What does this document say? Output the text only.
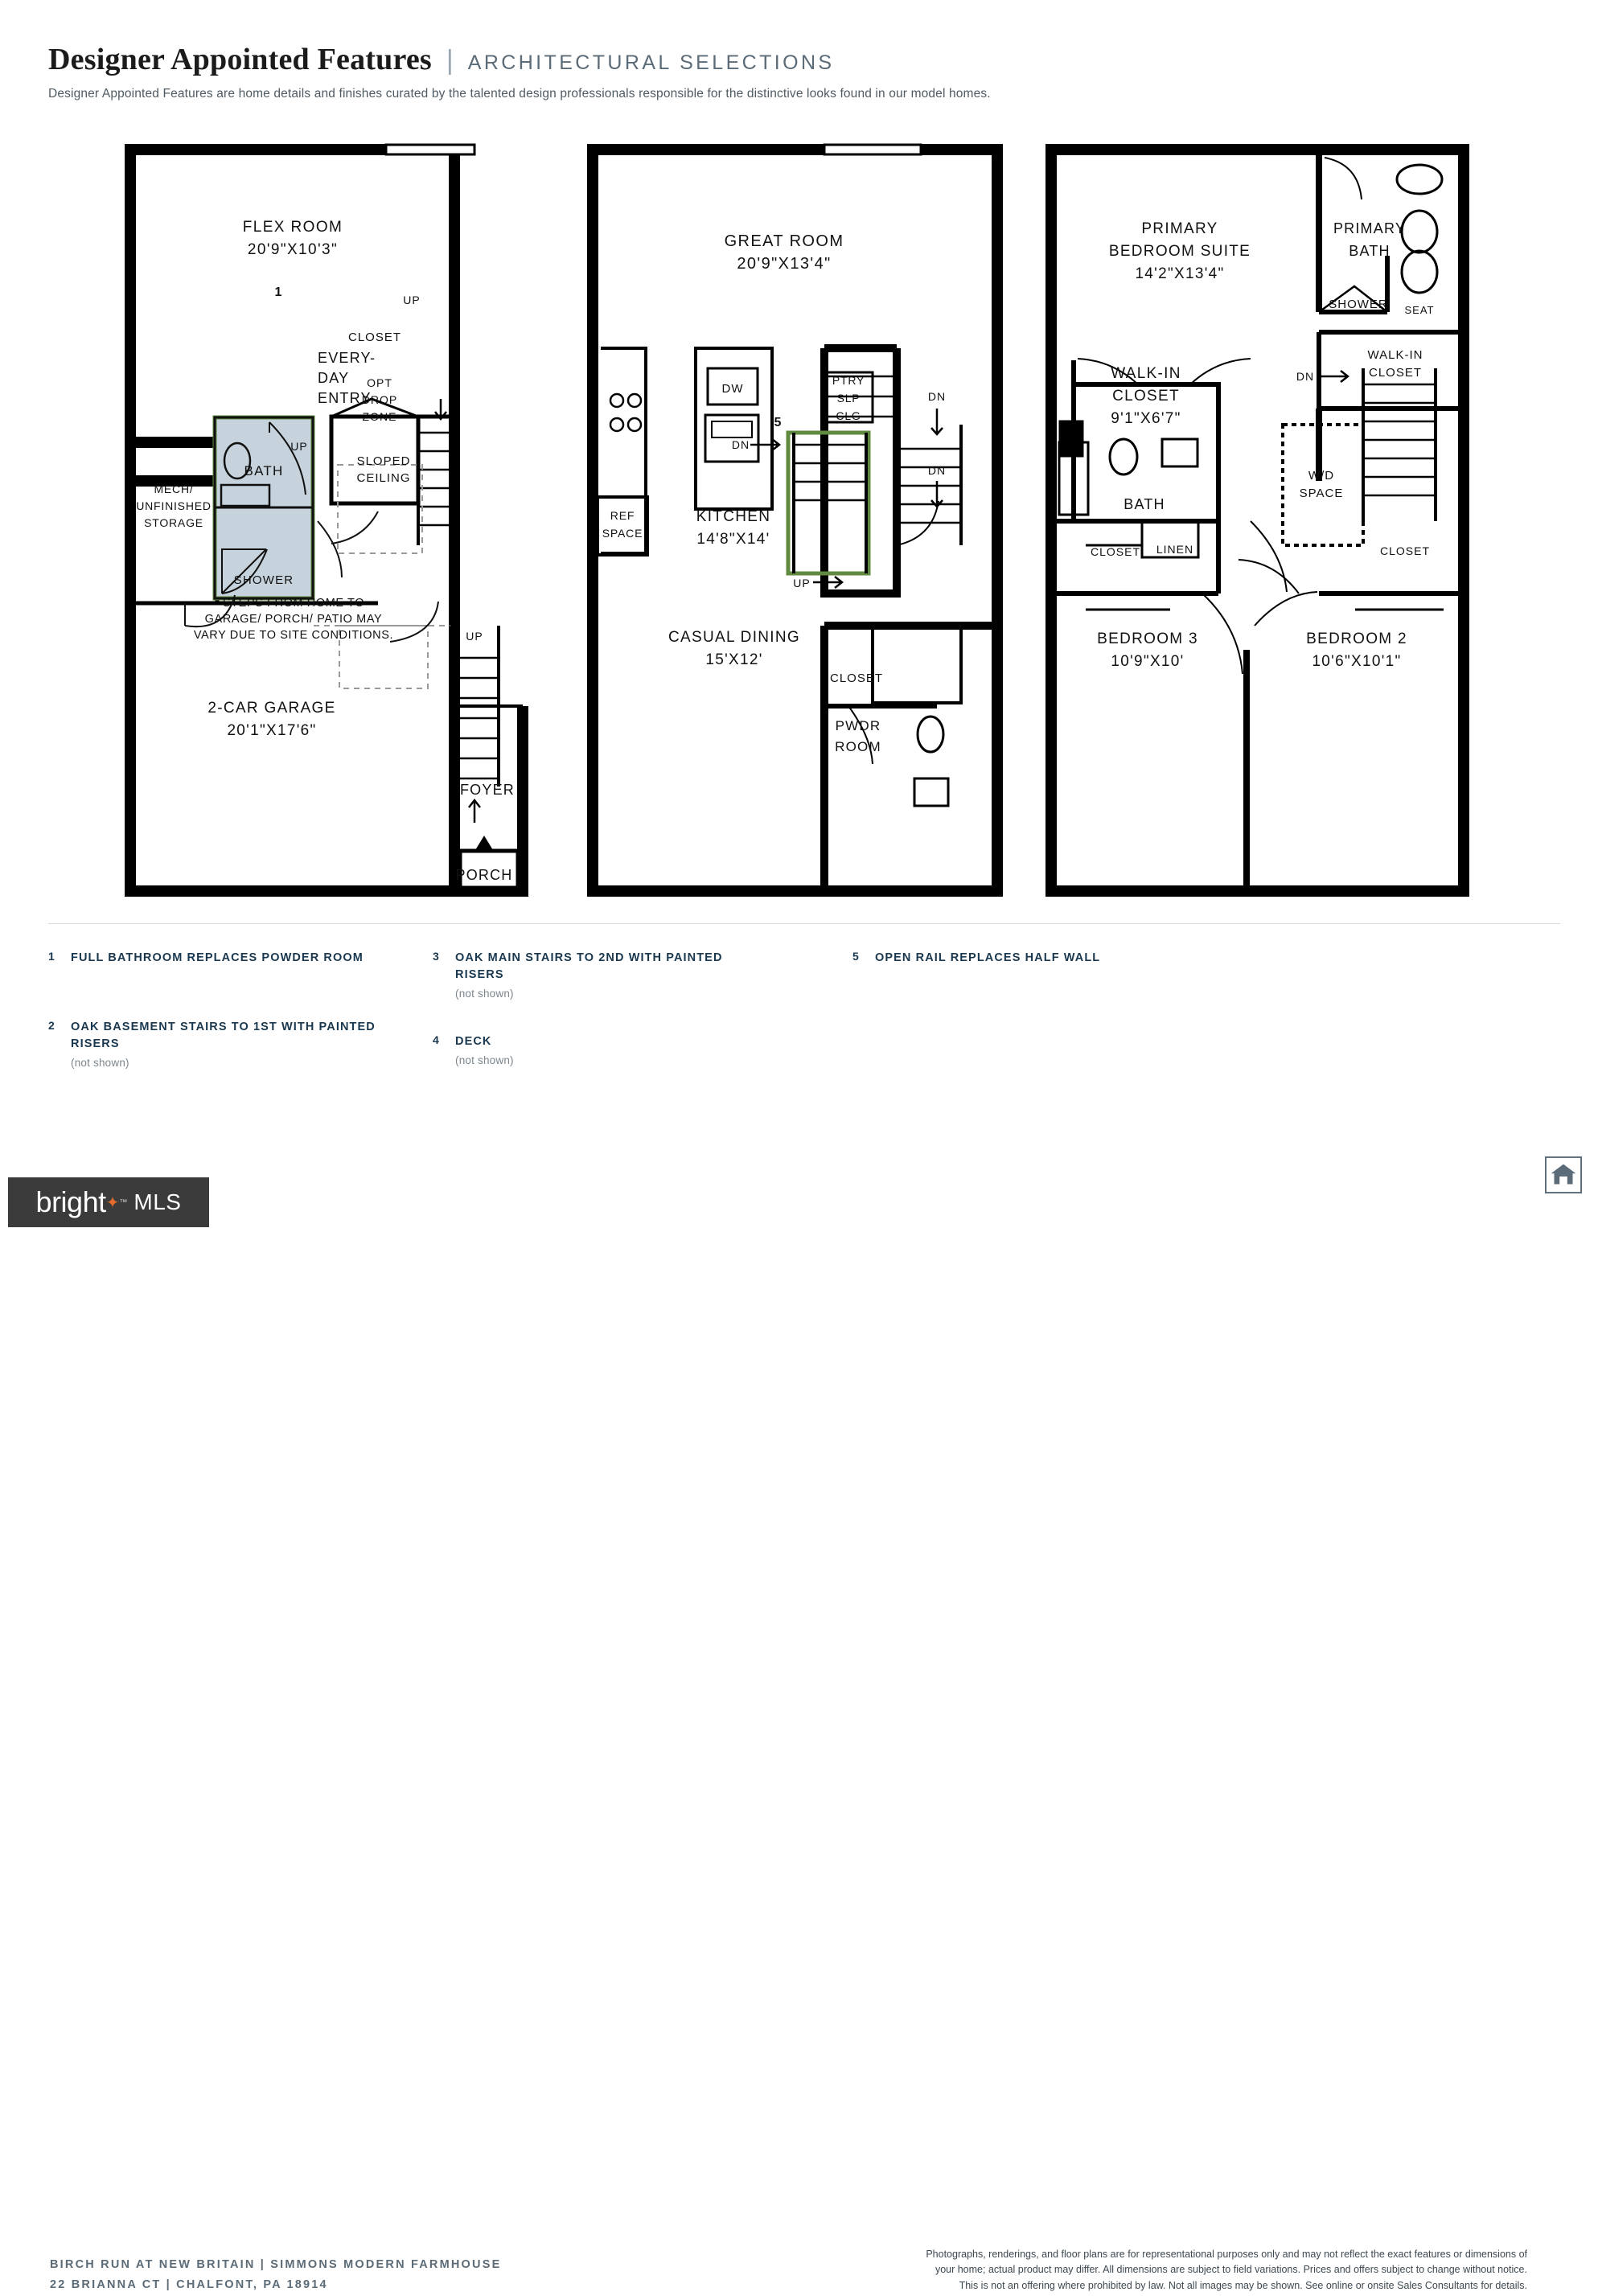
Designer Appointed Features | ARCHITECTURAL SELECTIONS
Designer Appointed Features are home details and finishes curated by the talented design professionals responsible for the distinctive looks found in our model homes.
FLEX ROOM
20'9"X10'3"
BATH
SHOWER
MECH/
UNFINISHED
STORAGE
EVERY-
DAY
ENTRY
CLOSET
OPT
DROP
ZONE
SLOPED
CEILING
STEPS FROM HOME TO
GARAGE/ PORCH/ PATIO MAY
VARY DUE TO SITE CONDITIONS.
2-CAR GARAGE
20'1"X17'6"
FOYER
PORCH
UP
UP
UP
1
GREAT ROOM
20'9"X13'4"
DW
KITCHEN
14'8"X14'
REF
SPACE
PTRY
SLP
CLG
CASUAL DINING
15'X12'
CLOSET
PWDR
ROOM
DN
DN
DN
UP
5
PRIMARY
BEDROOM SUITE
14'2"X13'4"
PRIMARY
BATH
SHOWER SEAT
WALK-IN
CLOSET
WALK-IN
CLOSET
9'1"X6'7"
BATH
CLOSET LINEN
W/D
SPACE
CLOSET
BEDROOM 3
10'9"X10'
BEDROOM 2
10'6"X10'1"
DN
1	FULL BATHROOM REPLACES POWDER ROOM
2	OAK BASEMENT STAIRS TO 1ST WITH PAINTED RISERS
(not shown)
3	OAK MAIN STAIRS TO 2ND WITH PAINTED RISERS
(not shown)
4	DECK
(not shown)
5	OPEN RAIL REPLACES HALF WALL
BIRCH RUN AT NEW BRITAIN | SIMMONS MODERN FARMHOUSE
22 BRIANNA CT | CHALFONT, PA 18914
Photographs, renderings, and floor plans are for representational purposes only and may not reflect the exact features or dimensions of
your home; actual product may differ. All dimensions are subject to field variations. Prices and offers subject to change without notice.
This is not an offering where prohibited by law. Not all images may be shown. See online or onsite Sales Consultants for details.
bright ✦ ™ MLS
